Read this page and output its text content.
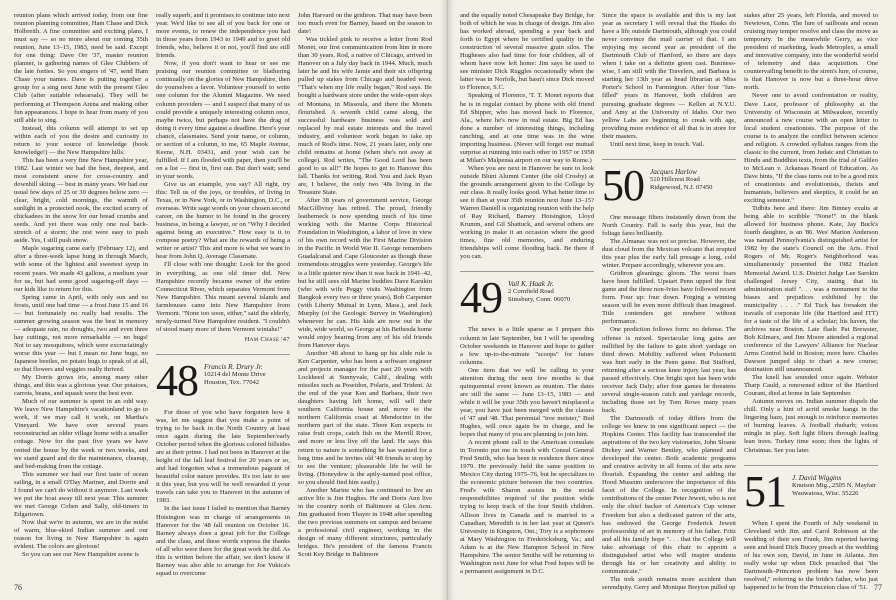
reunion plans which arrived today, from our fine reunion planning committee, Ham Chase and Dick Holbreith. A fine committee and exciting plans, I must say — so no more about our coming 35th reunion, June 13–15, 1983, need be said. Except for one thing: Dave Orr '37, master reunion planner, is gathering names of Glee Clubbers of the late forties. So you singers of '47, send Ham Chase your names. Dave is putting together a group for a sing next June with the present Glee Club (after suitable rehearsals). They will be performing at Thompson Arena and making other fun appearances. I hope to hear from many of you still able to sing.

Instead, this column will attempt to set up within each of you the desire and curiosity to return to your source of knowledge (book knowledge!) — the New Hampshire hills.

This has been a very fine New Hampshire year, 1982. Last winter we had the best, deepest, and most consistent snow for cross-country and downhill skiing — best in many years. We had our usual few days of 25 or 30 degrees below zero — clear, bright, cold mornings, the warmth of sunlight in a protected nook, the excited scurry of chickadees in the snow for our bread crumbs and seeds. And yet there was only one real back-stretch of a storm; the rest were easy to push aside. Yes, I still push snow.

Maple sugaring came early (February 12), and after a three-week lapse hung in through March, with some of the lightest and sweetest syrup in recent years. We made 43 gallons, a medium year for us, but had some good sugaring-off days — our kids like to return for this.

Spring came in April, with only sun and no frosts, until one bad time — a frost June 15 and 16 — but fortunately no really bad results. The summer growing season was the best in memory — adequate rain, no droughts, two and even three hay cuttings, not more remarkable — no bugs! Not to say mosquitoes, which were excruciatingly worse this year — but I mean no June bugs, no Japanese beetles, no potato bugs to speak of at all, so that flowers and veggies really thrived.

My Dorris grows iris, among many other things, and this was a glorious year. Our potatoes, carrots, beans, and squash were the best ever.

Much of our summer is spent in an odd way. We leave New Hampshire's vacationland to go to work, if we may call it work, on Martha's Vineyard. We have over several years reconstructed an older village home with a smaller cottage. Now for the past five years we have rented the house by the week or two weeks, and we stand guard and do the maintenance, cleanup, and bed-making from the cottage.

This summer we had our first taste of ocean sailing, in a small O'Day Mariner, and Dorrie and I found we can't do without it anymore. Last week we put the boat away till next year. This summer we met George Cohen and Sally, old-timers in Edgartown.

Now that we're in autumn, we are in the midst of warm, blue-skied Indian summer and our reason for living in New Hampshire is again evident. The colors are glorious!

So you can see our New Hampshire scene is

really superb, and it promises to continue into next year. We'd like to see all of you back for one or more events, to renew the independence you had in those years from 1943 to 1949 and to greet old friends, who, believe it or not, you'll find are still friends.

Now, if you don't want to hear or see me praising our reunion committee or blathering continually on the glories of New Hampshire, then do yourselves a favor. Volunteer yourself to write one column for the Alumni Magazine. We need column providers — and I suspect that many of us could provide a uniquely interesting column once, maybe twice, but perhaps not have the drag of doing it every time against a deadline. Here's your chance, classmates. Send your name, or column, or section of a column, to me, 65 Maple Avenue, Keene, N.H. 03431, and your wish can be fulfilled. If I am flooded with paper, then you'll be on a list — first in, first out. But don't wait; send in your words.

Give us an example, you say? All right, try this: Tell us of the joys, or troubles, of living in Texas, or in New York, or in Washington, D.C., or overseas. Write sage words on your chosen second career, on the humor to be found in the grocery business, in being a lawyer, or on "Why I decided against being an executive." How easy is it to compose poetry? What are the rewards of being a writer or artist? This and more is what we want to hear from John Q. Average Classmate.

I'll close with one thought: Look for the good in everything, as one old timer did. New Hampshire recently became owner of the entire Connecticut River, which separates Vermont from New Hampshire. This meant several islands and farmhouses came into New Hampshire from Vermont. "None too soon, either," said the elderly, newly-turned New Hampshire resident. "I couldn't of stood many more of them Vermont wintahs!"

Ham Chase '47

48 Francis R. Drury Jr.
10214 del Monte Drive
Houston, Tex. 77042

For those of you who have forgotten how it was, let me suggest that you make a point of trying to be back in the North Country at least once again during the late September/early October period when the glorious colored hillsides are at their prime. I had not been in Hanover at the height of the fall leaf festival for 20 years or so, and had forgotten what a tremendous pageant of beautiful color nature provides. It's too late to see it this year, but you will be well rewarded if your travels can take you to Hanover in the autumn of 1983.

In the last issue I failed to mention that Barney Hoisington was in charge of arrangements in Hanover for the '48 fall reunion on October 16. Barney always does a great job for the College and the class, and these words express the thanks of all who were there for the great work he did. As this is written before the affair, we don't know if Barney was also able to arrange for Joe Yukica's squad to overcome

John Harvard on the gridiron. That may have been too much even for Barney, based on the season to date!

Was tickled pink to receive a letter from Rod Monet, our first communication from him in more than 30 years. Rod, a native of Chicago, arrived in Hanover on a July day back in 1944. Much, much later he and his wife Jamie and their six offspring pulled up stakes from Chicago and headed west. "That's when my life really began," Rod says. He bought a hardware store under the wide-open skys of Montana, in Missoula, and there the Monets flourished. A seventh child came along, the successful hardware business was sold and replaced by real estate interests and the travel industry, and volunteer work began to take up much of Rod's time. Now, 21 years later, only one child remains at home (when she's not away at college). Rod writes, "The Good Lord has been good to us all!" He hopes to get to Hanover this fall. Thanks for writing, Rod. You and Jack Ryan are, I believe, the only two '48s living in the Treasure State.

After 38 years of government service, George MacGillivray has retired. The proud, friendly leatherneck is now spending much of his time working with the Marine Corps Historical Foundation in Washington, a labor of love in view of his own record with the First Marine Division in the Pacific in World War II. George remembers Guadalcanal and Cape Gloucester as though these tremendous struggles were yesterday. George's life is a little quieter now than it was back in 1941–42, but he still sees old Marine buddies Dave Karukin (who with wife Peggy visits Washington from Bangkok every two or three years), Bob Carpenter (with Liberty Mutual in Lynn, Mass.), and Jack Murphy (of the Geologic Survey in Washington) whenever he can. His kids are now out in the wide, wide world, so George at his Bethesda home would enjoy hearing from any of his old friends from Hanover days.

Another '48 about to hang up his slide rule is Ken Carpenter, who has been a software engineer and projects manager for the past 20 years with Lockheed at Sunnyvale, Calif., dealing with missiles such as Poseidon, Polaris, and Trident. At the end of the year Ken and Barbara, their two daughters having left home, will sell their southern California house and move to the northern California coast at Mendocino in the northern part of the state. There Ken expects to raise fruit crops, catch fish on the Merrill River, and more or less live off the land. He says this return to nature is something he has wanted for a long time and he invites old '48 friends to stop by to see the venture; pleasurable life he will be living. (Honeydew is the aptly-named post office, so you should find him easily.)

Another Marine who has continued to live an active life is Jim Hughes. He and Doris Ann live in the country north of Baltimore at Glen Arm. Jim graduated from Thayer in 1948 after spending the two previous summers on campus and became a professional civil engineer, working in the design of many different structures, particularly bridges. He's president of the famous Francis Scott Key Bridge in Baltimore

76

and the equally noted Chesapeake Bay Bridge, for both of which he was in charge of design. Jim also has worked abroad, spending a year back and forth to Egypt where he certified quality in the construction of several massive grain silos. The Hugheses also had time for four children, all of whom have now left home: Jim says he used to see minister Dick Ruggles occasionally when the latter was in Norfolk, but hasn't since Dick moved to Florence, S.C.

Speaking of Florence, 'T. T. Monet reports that he is in regular contact by phone with old friend Ed Shipper, who has moved back to Florence, Ala., where he's now in real estate. Big Ed has done a number of interesting things, including ranching, and at one time was in the wine importing business. (Never will forget our mutual surprise at running into each other in 1957 or 1958 at Milan's Malpensa airport on our way to Rome.)

When you are next in Hanover be sure to look outside Blunt Alumni Center (the old Crosby) at the grounds arrangement given to the College by our class. It really looks good. What better time to see it than at your 35th reunion next June 13–15? Warren Daniell is organizing reunion with the help of Ray Richard, Barney Hoisington, Lloyd Krumm, and Gil Shattuck, and several others are working to make it an occasion where the good times, fine old memories, and enduring friendships will come flooding back. Be there if you can.

49 Vail K. Haak Jr.
2 Cornfield Road
Simsbury, Conn. 06070

The news is a little sparse as I prepare this column in late September, but I will be spending October weekends in Hanover and hope to gather a few up-to-the-minute "scoops" for future columns.

One item that we will be calling to your attention during the next few months is that quinquennial event known as reunion. The dates are still the same — June 13–15, 1983 — and while it will be your 35th you haven't misplaced a year, you have just been merged with the classes of '47 and '48. That perennial "tree meister," Bud Hughes, will once again be in charge, and he hopes that many of you are planning to join him.

A recent phone call to the American consulate in Toronto put me in touch with Consul General Fred Smith, who has been in residence there since 1979. He previously held the same position in Mexico City during 1975–76, but he specializes in the economic picture between the two countries. Fred's wife Sharon assists in the social responsibilities required of the position while trying to keep track of the four Smith children. Allison lives in Canada and is married to a Canadian; Meredith is in her last year at Queen's University in Kingston, Ont.; Tory is a sophomore at Mary Washington in Fredericksburg, Va.; and Adam is at the New Hampton School in New Hampshire. The senior Smiths will be returning to Washington next June for what Fred hopes will be a permanent assignment in D.C.

Since the space is available and this is my last year as secretary I will reveal that the Haaks do have a life outside Dartmouth, although you could never convince the mail carrier of that. I am enjoying my second year as president of the Dartmouth Club of Hartford, so there are days when I take on a definite green cast. Business-wise, I am still with the Travelers, and Barbara is starting her 13th year as head librarian at Miss Porter's School in Farmington. After four "fun-filled" years in Hanover, both children are pursuing graduate degrees — Kellen at N.Y.U. and Amy at the University of Idaho. Our two yellow Labs are beginning to creak with age, providing more evidence of all that is in store for their masters.

Until next time, keep in touch. Vail.

50 Jacques Harlow
510 Hillcrest Road
Ridgewood, N.J. 07450

One message filters insistently down from the North Country. Fall is early this year, but the foliage fares brilliantly.

The Almanac was not so precise. However, the dust cloud from the Mexican volcano that erupted this year plus the early fall presage a long, cold winter. Prepare accordingly, wherever you are.

Gridiron gleanings: gloom. The worst fears have been fulfilled. Upstart Penn upped the first game and the three non-Ivies have followed recent form. Four up: four down. Forging a winning season will be even more difficult than imagined. Title contenders get nowhere without performance.

One prediction follows form: no defense. The offense is mixed. Spectacular long gains are nullified by the failure to gain short yardage on third down. Mobility suffered when Polsonetti was hurt early in the Penn game. But Stafford, returning after a serious knee injury last year, has passed effectively. One bright spot has been wide receiver Jack Daly; after four games he threatens several single-season catch and yardage records, including those set by Tom Rowe many years back.

The Dartmouth of today differs from the college we knew in one significant aspect — the Hopkins Center. This facility has transcended the aspirations of the two key visionaries, John Sloane Dickey and Warner Bentley, who planned and developed the center. Both academic programs and creative activity in all forms of the arts now flourish. Expanding the center and adding the Hood Museum underscore the importance of this facet of the College. In recognition of the contributions of the center Peter Jewett, who is not only the chief backer of America's Cup winner Freedom but also a dedicated patron of the arts, has endowed the George Frederick Jewett professorship of art in memory of his father. Fritz and all his family hope ". . . that the College will take advantage of this chair to appoint a distinguished artist who will inspire students through his or her creativity and ability to communicate."

The trek south remains more accident than serendipity. Gerry and Monique Breyton pulled up

stakes after 25 years, left Florida, and moved to Newtown, Conn. The lure of sailboats and ocean cruising may temper resolve and class the move as temporary. In the meanwhile Gerry, as vice president of marketing, leads Metroplex, a small and innovative company, into the wonderful world of telemetry and data acquisition. One countervailing benefit to the siren's lure, of course, is that Hanover is now but a three-hour drive north.

Never one to avoid confrontation or reality, Dave Lace, professor of philosophy at the University of Wisconsin at Milwaukee, recently announced a new course with an open letter to local student creationists. The purpose of the course is to analyze the conflict between science and religion. A crowded syllabus ranges from the classic to the current, from Judaic and Christian to Hindu and Buddhist texts, from the trial of Galileo to McLean v. Arkansas Board of Education. As Dave hints, "If the class turns out to be a good mix of creationists and evolutionists, theists and humanists, believers and skeptics, it could be an exciting semester."

Tidbits here and there: Jim Binney exults at being able to scribble "None!" in the blank allowed for business phone. Kate, Jay Buck's fourth daughter, is an '86. Wes' Marion Anderson was named Pennsylvania's distinguished artist for 1982 by the state's Council on the Arts. Fred Rogers of Mr. Roger's Neighborhood was simultaneously presented the 1982 Hazlett Memorial Award. U.S. District Judge Lee Sarokin challenged Jersey City, stating that its administration staff ". . . was a monument to the biases and prejudices exhibited by the municipality . . . ." Ed Tuck has forsaken the travails of corporate life (the Hartford and ITT) for a taste of the life of a scholar; his haven, the archives near Boston. Late flash: Pat Brewster, Bob Kilmarx, and Jim Moore attended a regional conference of the Lawyers' Alliance for Nuclear Arms Control held in Boston; more here. Charles Dawson jumped ship to chart a new course; destination still unannounced.

The knell has sounded once again. Webster Tharp Cauld, a renowned editor of the Hartford Courant, died at home in late September.

Autumn moves on. Indian summer dispels the chill. Only a hint of acrid smoke hangs in the lingering haze, just enough to reinforce memories of burning leaves. A football rhubarb; voices mingle in play. Soft light filters through leafing lean trees. Turkey time soon; then the lights of Christmas. See you later.

51 J. David Wiggins
Knutson Mtg., 2505 N. Mayfair
Wauwatosa, Wisc. 55226

When I spent the Fourth of July weekend in Cleveland with Jim and Carol Robinson at the wedding of their son Frank, Jim reported having seen and heard Dick Bucey preach at the wedding of his own son, David, in June in Atlanta. Jim really woke up when Dick preached that "the Dartmouth–Princeton problem has now been resolved," referring to the bride's father, who just happened to be from the Princeton class of '51. 77
